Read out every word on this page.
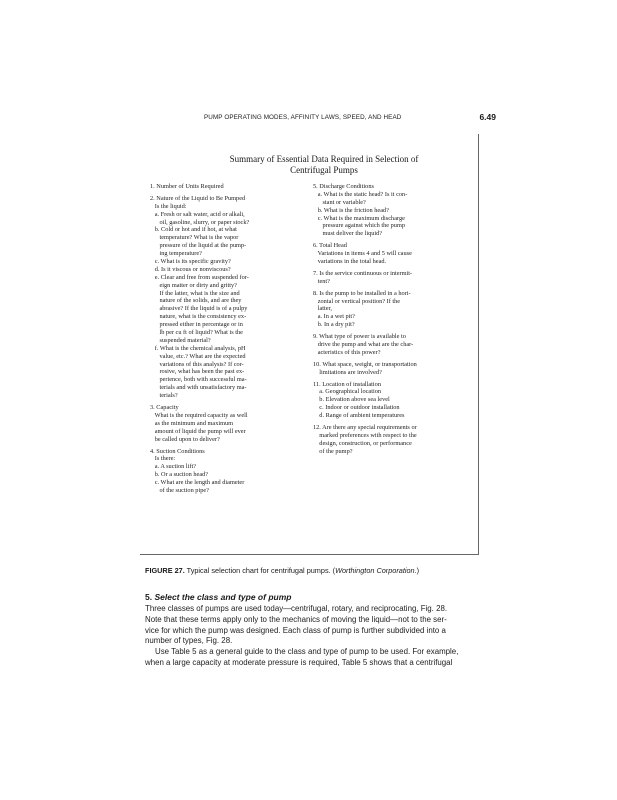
PUMP OPERATING MODES, AFFINITY LAWS, SPEED, AND HEAD	6.49
Summary of Essential Data Required in Selection of
Centrifugal Pumps
1. Number of Units Required
2. Nature of the Liquid to Be Pumped
Is the liquid:
a. Fresh or salt water, acid or alkali,
oil, gasoline, slurry, or paper stock?
b. Cold or hot and if hot, at what
temperature? What is the vapor
pressure of the liquid at the pump-
ing temperature?
c. What is its specific gravity?
d. Is it viscous or nonviscous?
e. Clear and free from suspended for-
eign matter or dirty and gritty?
If the latter, what is the size and
nature of the solids, and are they
abrasive? If the liquid is of a pulpy
nature, what is the consistency ex-
pressed either in percentage or in
lb per cu ft of liquid? What is the
suspended material?
f. What is the chemical analysis, pH
value, etc.? What are the expected
variations of this analysis? If cor-
rosive, what has been the past ex-
perience, both with successful ma-
terials and with unsatisfactory ma-
terials?
3. Capacity
What is the required capacity as well
as the minimum and maximum
amount of liquid the pump will ever
be called upon to deliver?
4. Suction Conditions
Is there:
a. A suction lift?
b. Or a suction head?
c. What are the length and diameter
of the suction pipe?
5. Discharge Conditions
a. What is the static head? Is it con-
stant or variable?
b. What is the friction head?
c. What is the maximum discharge
pressure against which the pump
must deliver the liquid?
6. Total Head
Variations in items 4 and 5 will cause
variations in the total head.
7. Is the service continuous or intermit-
tent?
8. Is the pump to be installed in a hori-
zontal or vertical position? If the
latter,
a. In a wet pit?
b. In a dry pit?
9. What type of power is available to
drive the pump and what are the char-
acteristics of this power?
10. What space, weight, or transportation
limitations are involved?
11. Location of installation
a. Geographical location
b. Elevation above sea level
c. Indoor or outdoor installation
d. Range of ambient temperatures
12. Are there any special requirements or
marked preferences with respect to the
design, construction, or performance
of the pump?
FIGURE 27. Typical selection chart for centrifugal pumps. (Worthington Corporation.)
5. Select the class and type of pump
Three classes of pumps are used today—centrifugal, rotary, and reciprocating, Fig. 28.
Note that these terms apply only to the mechanics of moving the liquid—not to the ser-
vice for which the pump was designed. Each class of pump is further subdivided into a
number of types, Fig. 28.
Use Table 5 as a general guide to the class and type of pump to be used. For example,
when a large capacity at moderate pressure is required, Table 5 shows that a centrifugal
